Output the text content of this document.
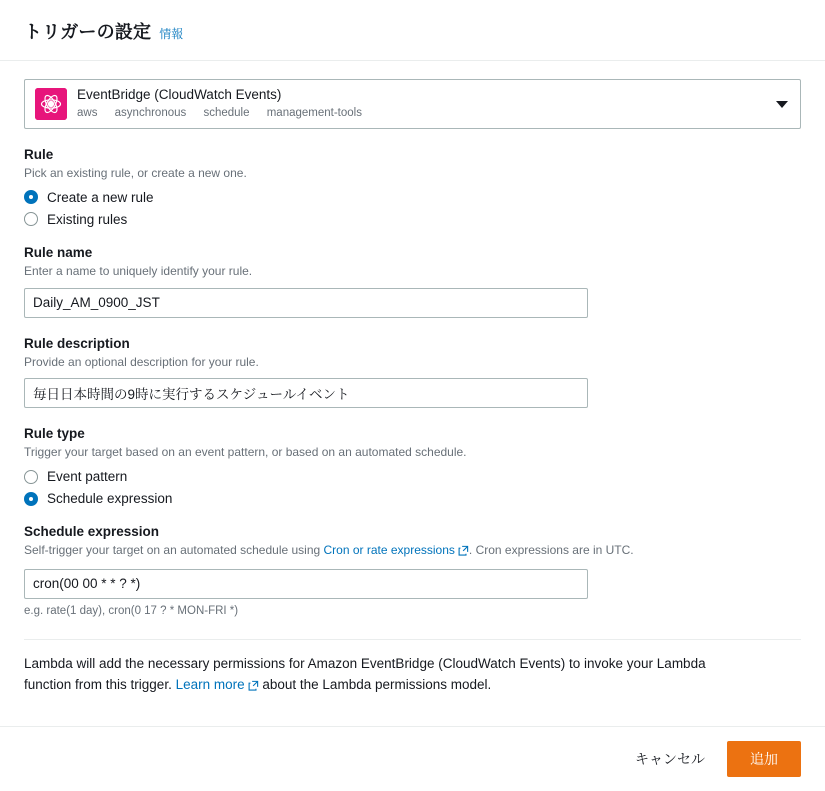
トリガーの設定 情報
EventBridge (CloudWatch Events)
aws asynchronous schedule management-tools
Rule
Pick an existing rule, or create a new one.
Create a new rule
Existing rules
Rule name
Enter a name to uniquely identify your rule.
Daily_AM_0900_JST
Rule description
Provide an optional description for your rule.
毎日日本時間の9時に実行するスケジュールイベント
Rule type
Trigger your target based on an event pattern, or based on an automated schedule.
Event pattern
Schedule expression
Schedule expression
Self-trigger your target on an automated schedule using Cron or rate expressions . Cron expressions are in UTC.
cron(00 00 * * ? *)
e.g. rate(1 day), cron(0 17 ? * MON-FRI *)
Lambda will add the necessary permissions for Amazon EventBridge (CloudWatch Events) to invoke your Lambda function from this trigger. Learn more about the Lambda permissions model.
キャンセル	追加
